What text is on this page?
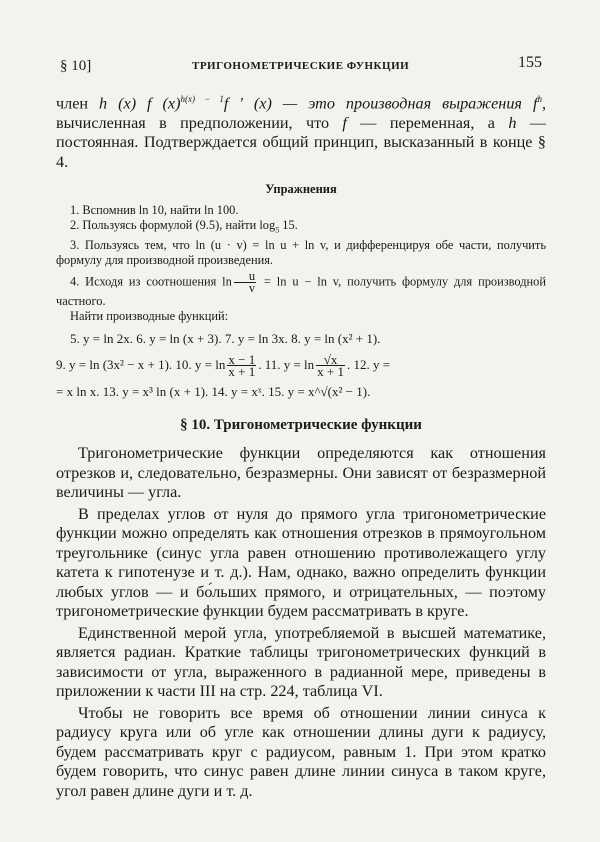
§ 10]	ТРИГОНОМЕТРИЧЕСКИЕ ФУНКЦИИ	155
член h (x) f $(x)^{h(x) - 1}f$ ′ (x) — это производная выражения $f^h$, вычисленная в предположении, что f — переменная, а h — постоянная. Подтверждается общий принцип, высказанный в конце § 4.
Упражнения
1. Вспомнив ln 10, найти ln 100.
2. Пользуясь формулой (9.5), найти $\log_5 15$.
3. Пользуясь тем, что ln (u · v) = ln u + ln v, и дифференцируя обе части, получить формулу для производной произведения.
4. Исходя из соотношения $\ln \frac{u}{v} = \ln u - \ln v$, получить формулу для производной частного.
Найти производные функций:
5. y = ln 2x. 6. y = ln (x + 3). 7. y = ln 3x. 8. y = ln (x² + 1).
9. y = ln (3x² − x + 1). 10. $y = \ln \frac{x - 1}{x + 1}$ . 11. $y = \ln \frac{√x}{x + 1}$ . 12. y =
= x ln x. 13. y = x³ ln (x + 1). 14. y = xˣ. 15. y = x^√(x² − 1).
§ 10. Тригонометрические функции

Тригонометрические функции определяются как отношения отрезков и, следовательно, безразмерны. Они зависят от безразмерной величины — угла.

В пределах углов от нуля до прямого угла тригонометрические функции можно определять как отношения отрезков в прямоугольном треугольнике (синус угла равен отношению противолежащего углу катета к гипотенузе и т. д.). Нам, однако, важно определить функции любых углов — и бо́льших прямого, и отрицательных, — поэтому тригонометрические функции будем рассматривать в круге.

Единственной мерой угла, употребляемой в высшей математике, является радиан. Краткие таблицы тригонометрических функций в зависимости от угла, выраженного в радианной мере, приведены в приложении к части III на стр. 224, таблица VI.

Чтобы не говорить все время об отношении линии синуса к радиусу круга или об угле как отношении длины дуги к радиусу, будем рассматривать круг с радиусом, равным 1. При этом кратко будем говорить, что синус равен длине линии синуса в таком круге, угол равен длине дуги и т. д.
